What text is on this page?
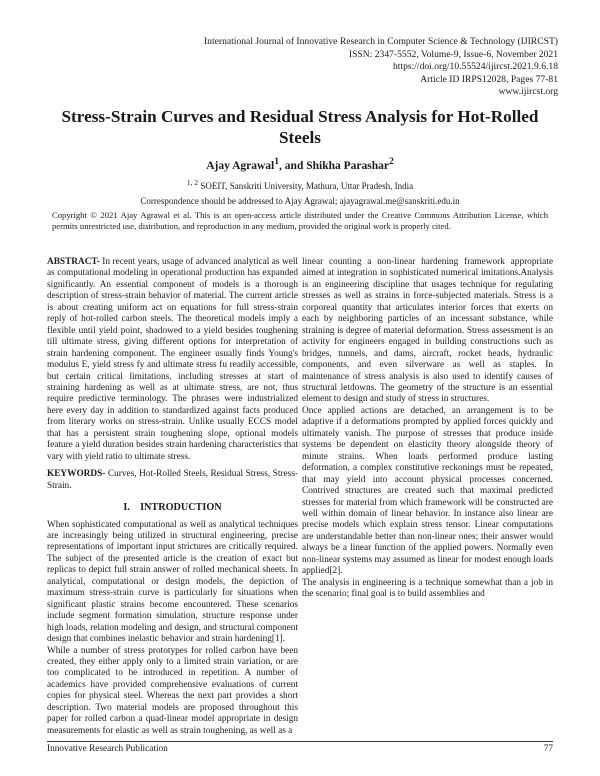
International Journal of Innovative Research in Computer Science & Technology (IJIRCST)
ISSN: 2347-5552, Volume-9, Issue-6, November 2021
https://doi.org/10.55524/ijircst.2021.9.6.18
Article ID IRPS12028, Pages 77-81
www.ijircst.org
Stress-Strain Curves and Residual Stress Analysis for Hot-Rolled Steels
Ajay Agrawal$^1$, and Shikha Parashar$^2$
$^{1, 2}$ SOEIT, Sanskriti University, Mathura, Uttar Pradesh, India
Correspondence should be addressed to Ajay Agrawal; ajayagrawal.me@sanskriti.edu.in
Copyright © 2021 Ajay Agrawal et al. This is an open-access article distributed under the Creative Commons Attribution License, which permits unrestricted use, distribution, and reproduction in any medium, provided the original work is properly cited.

ABSTRACT- In recent years, usage of advanced analytical as well as computational modeling in operational production has expanded significantly. An essential component of models is a thorough description of stress-strain behavior of material. The current article is about creating uniform act on equations for full stress-strain reply of hot-rolled carbon steels. The theoretical models imply a flexible until yield point, shadowed to a yield besides toughening till ultimate stress, giving different options for interpretation of strain hardening component. The engineer usually finds Young's modulus E, yield stress fy and ultimate stress fu readily accessible, but certain critical limitations, including stresses at start of straining hardening as well as at ultimate stress, are not, thus require predictive terminology. The phrases were industrialized here every day in addition to standardized against facts produced from literary works on stress-strain. Unlike usually ECCS model that has a persistent strain toughening slope, optional models feature a yield duration besides strain hardening characteristics that vary with yield ratio to ultimate stress.

KEYWORDS- Curves, Hot-Rolled Steels, Residual Stress, Stress-Strain.

I. INTRODUCTION

When sophisticated computational as well as analytical techniques are increasingly being utilized in structural engineering, precise representations of important input strictures are critically required. The subject of the presented article is the creation of exact but replicas to depict full strain answer of rolled mechanical sheets. In analytical, computational or design models, the depiction of maximum stress-strain curve is particularly for situations when significant plastic strains become encountered. These scenarios include segment formation simulation, structure response under high loads, relation modeling and design, and structural component design that combines inelastic behavior and strain hardening[1].

While a number of stress prototypes for rolled carbon have been created, they either apply only to a limited strain variation, or are too complicated to be introduced in repetition. A number of academics have provided comprehensive evaluations of current copies for physical steel. Whereas the next part provides a short description. Two material models are proposed throughout this paper for rolled carbon a quad-linear model appropriate in design measurements for elastic as well as strain toughening, as well as a

linear counting a non-linear hardening framework appropriate aimed at integration in sophisticated numerical imitations.Analysis is an engineering discipline that usages technique for regulating stresses as well as strains in force-subjected materials. Stress is a corporeal quantity that articulates interior forces that exerts on each by neighboring particles of an incessant substance, while straining is degree of material deformation. Stress assessment is an activity for engineers engaged in building constructions such as bridges, tunnels, and dams, aircraft, rocket heads, hydraulic components, and even silverware as well as staples. In maintenance of stress analysis is also used to identify causes of structural letdowns. The geometry of the structure is an essential element to design and study of stress in structures.

Once applied actions are detached, an arrangement is to be adaptive if a deformations prompted by applied forces quickly and ultimately vanish. The purpose of stresses that produce inside systems be dependent on elasticity theory alongside theory of minute strains. When loads performed produce lasting deformation, a complex constitutive reckonings must be repeated, that may yield into account physical processes concerned. Contrived structures are created such that maximal predicted stresses for material from which framework will be constructed are well within domain of linear behavior. In instance also linear are precise models which explain stress tensor. Linear computations are understandable better than non-linear ones; their answer would always be a linear function of the applied powers. Normally even non-linear systems may assumed as linear for modest enough loads applied[2].

The analysis in engineering is a technique somewhat than a job in the scenario; final goal is to build assemblies and

Innovative Research Publication	77
